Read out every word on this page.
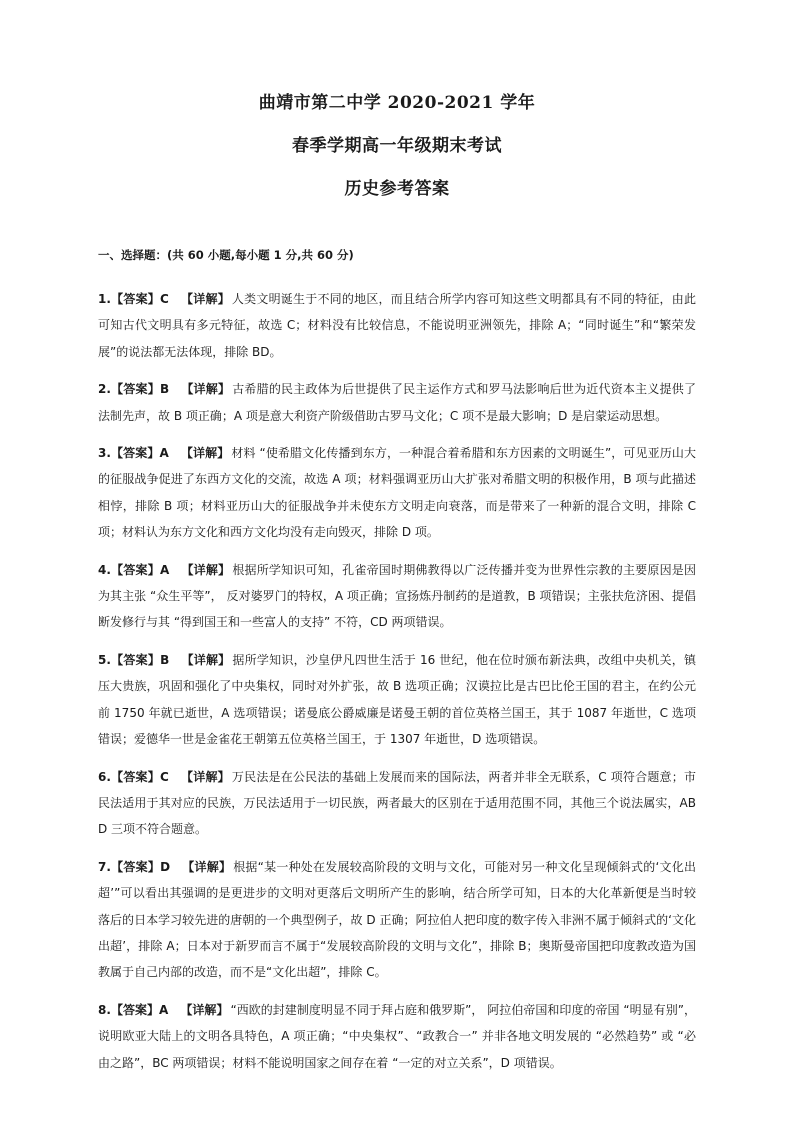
曲靖市第二中学 2020-2021 学年
春季学期高一年级期末考试
历史参考答案
一、选择题：(共 60 小题,每小题 1 分,共 60 分)

1.【答案】C 【详解】 人类文明诞生于不同的地区，而且结合所学内容可知这些文明都具有不同的特征，由此可知古代文明具有多元特征，故选 C；材料没有比较信息，不能说明亚洲领先，排除 A；“同时诞生”和“繁荣发展”的说法都无法体现，排除 BD。

2.【答案】B 【详解】 古希腊的民主政体为后世提供了民主运作方式和罗马法影响后世为近代资本主义提供了法制先声，故 B 项正确；A 项是意大利资产阶级借助古罗马文化；C 项不是最大影响；D 是启蒙运动思想。

3.【答案】A 【详解】 材料 “使希腊文化传播到东方，一种混合着希腊和东方因素的文明诞生”，可见亚历山大的征服战争促进了东西方文化的交流，故选 A 项；材料强调亚历山大扩张对希腊文明的积极作用，B 项与此描述相悖，排除 B 项；材料亚历山大的征服战争并未使东方文明走向衰落，而是带来了一种新的混合文明，排除 C 项；材料认为东方文化和西方文化均没有走向毁灭，排除 D 项。

4.【答案】A 【详解】 根据所学知识可知，孔雀帝国时期佛教得以广泛传播并变为世界性宗教的主要原因是因为其主张 “众生平等”， 反对婆罗门的特权，A 项正确；宣扬炼丹制药的是道教，B 项错误；主张扶危济困、提倡断发修行与其 “得到国王和一些富人的支持” 不符，CD 两项错误。

5.【答案】B 【详解】 据所学知识，沙皇伊凡四世生活于 16 世纪，他在位时颁布新法典，改组中央机关，镇压大贵族，巩固和强化了中央集权，同时对外扩张，故 B 选项正确；汉谟拉比是古巴比伦王国的君主，在约公元前 1750 年就已逝世，A 选项错误；诺曼底公爵威廉是诺曼王朝的首位英格兰国王，其于 1087 年逝世，C 选项错误；爱德华一世是金雀花王朝第五位英格兰国王，于 1307 年逝世，D 选项错误。

6.【答案】C 【详解】 万民法是在公民法的基础上发展而来的国际法，两者并非全无联系，C 项符合题意；市民法适用于其对应的民族，万民法适用于一切民族，两者最大的区别在于适用范围不同，其他三个说法属实，ABD 三项不符合题意。

7.【答案】D 【详解】 根据“某一种处在发展较高阶段的文明与文化，可能对另一种文化呈现倾斜式的‘文化出超’”可以看出其强调的是更进步的文明对更落后文明所产生的影响，结合所学可知，日本的大化革新便是当时较落后的日本学习较先进的唐朝的一个典型例子，故 D 正确；阿拉伯人把印度的数字传入非洲不属于倾斜式的‘文化出超’，排除 A；日本对于新罗而言不属于“发展较高阶段的文明与文化”，排除 B；奥斯曼帝国把印度教改造为国教属于自己内部的改造，而不是“文化出超”，排除 C。

8.【答案】A 【详解】 “西欧的封建制度明显不同于拜占庭和俄罗斯”， 阿拉伯帝国和印度的帝国 “明显有别”，说明欧亚大陆上的文明各具特色，A 项正确；“中央集权”、“政教合一” 并非各地文明发展的 “必然趋势” 或 “必由之路”，BC 两项错误；材料不能说明国家之间存在着 “一定的对立关系”，D 项错误。
